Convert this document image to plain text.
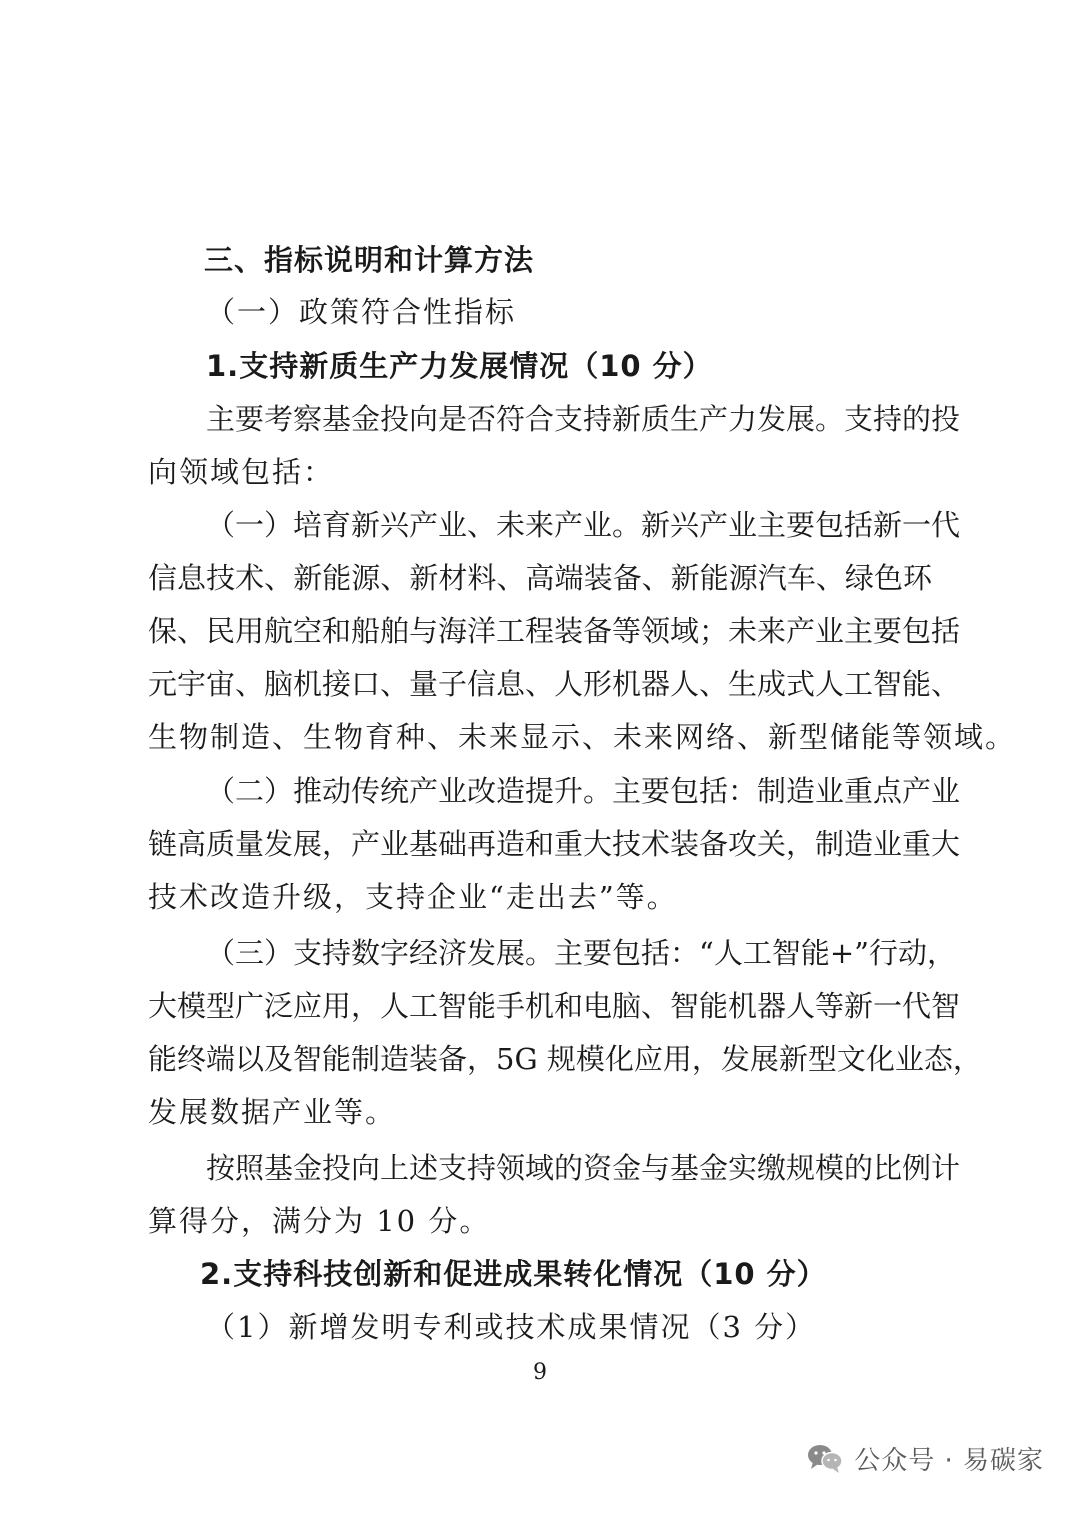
三、指标说明和计算方法
（一）政策符合性指标
1.支持新质生产力发展情况（10 分）
主要考察基金投向是否符合支持新质生产力发展。支持的投
向领域包括：
（一）培育新兴产业、未来产业。新兴产业主要包括新一代
信息技术、新能源、新材料、高端装备、新能源汽车、绿色环
保、民用航空和船舶与海洋工程装备等领域；未来产业主要包括
元宇宙、脑机接口、量子信息、人形机器人、生成式人工智能、
生物制造、生物育种、未来显示、未来网络、新型储能等领域。
（二）推动传统产业改造提升。主要包括：制造业重点产业
链高质量发展，产业基础再造和重大技术装备攻关，制造业重大
技术改造升级，支持企业“走出去”等。
（三）支持数字经济发展。主要包括：“人工智能+”行动，
大模型广泛应用，人工智能手机和电脑、智能机器人等新一代智
能终端以及智能制造装备，5G 规模化应用，发展新型文化业态，
发展数据产业等。
按照基金投向上述支持领域的资金与基金实缴规模的比例计
算得分，满分为 10 分。
2.支持科技创新和促进成果转化情况（10 分）
（1）新增发明专利或技术成果情况（3 分）
9
公众号 · 易碳家
